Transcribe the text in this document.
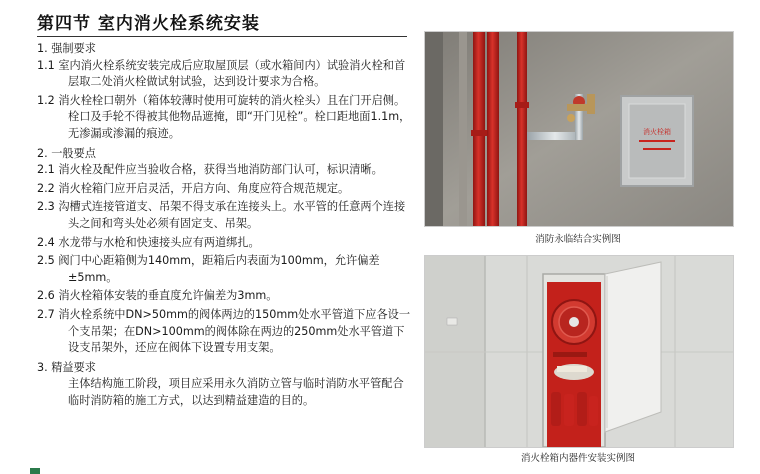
第四节 室内消火栓系统安装

1. 强制要求

1.1 室内消火栓系统安装完成后应取屋顶层（或水箱间内）试验消火栓和首层取二处消火栓做试射试验，达到设计要求为合格。

1.2 消火栓栓口朝外（箱体较薄时使用可旋转的消火栓头）且在门开启侧。栓口及手轮不得被其他物品遮掩，即“开门见栓”。栓口距地面1.1m，无渗漏或渗漏的痕迹。

2. 一般要点

2.1 消火栓及配件应当验收合格，获得当地消防部门认可，标识清晰。

2.2 消火栓箱门应开启灵活，开启方向、角度应符合规范规定。

2.3 沟槽式连接管道支、吊架不得支承在连接头上。水平管的任意两个连接头之间和弯头处必须有固定支、吊架。

2.4 水龙带与水枪和快速接头应有两道绑扎。

2.5 阀门中心距箱侧为140mm，距箱后内表面为100mm，允许偏差±5mm。

2.6 消火栓箱体安装的垂直度允许偏差为3mm。

2.7 消火栓系统中DN>50mm的阀体两边的150mm处水平管道下应各设一个支吊架；在DN>100mm的阀体除在两边的250mm处水平管道下设支吊架外，还应在阀体下设置专用支架。

3. 精益要求

主体结构施工阶段，项目应采用永久消防立管与临时消防水平管配合临时消防箱的施工方式，以达到精益建造的目的。

消火栓箱
消防永临结合实例图
消火栓箱内器件安装实例图
